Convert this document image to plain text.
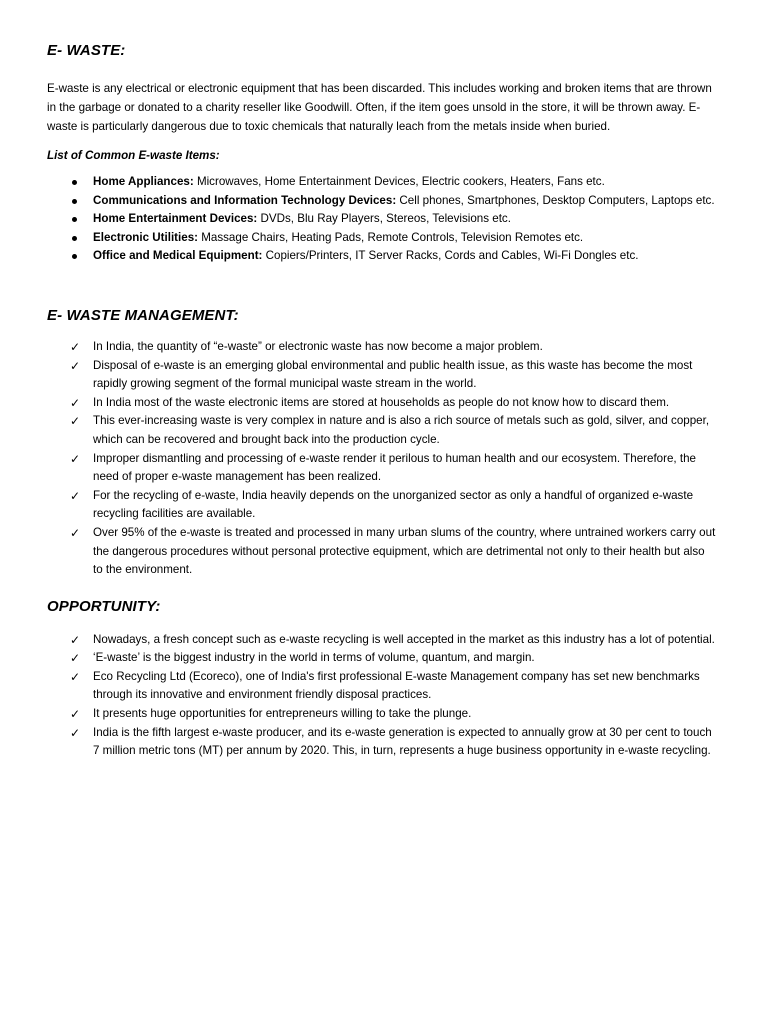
E- WASTE:

E-waste is any electrical or electronic equipment that has been discarded. This includes working and broken items that are thrown in the garbage or donated to a charity reseller like Goodwill. Often, if the item goes unsold in the store, it will be thrown away. E-waste is particularly dangerous due to toxic chemicals that naturally leach from the metals inside when buried.

List of Common E-waste Items:

Home Appliances: Microwaves, Home Entertainment Devices, Electric cookers, Heaters, Fans etc.
Communications and Information Technology Devices: Cell phones, Smartphones, Desktop Computers, Laptops etc.
Home Entertainment Devices: DVDs, Blu Ray Players, Stereos, Televisions etc.
Electronic Utilities: Massage Chairs, Heating Pads, Remote Controls, Television Remotes etc.
Office and Medical Equipment: Copiers/Printers, IT Server Racks, Cords and Cables, Wi-Fi Dongles etc.
E- WASTE MANAGEMENT:
✓ In India, the quantity of “e-waste” or electronic waste has now become a major problem.
✓ Disposal of e-waste is an emerging global environmental and public health issue, as this waste has become the most rapidly growing segment of the formal municipal waste stream in the world.
✓ In India most of the waste electronic items are stored at households as people do not know how to discard them.
✓ This ever-increasing waste is very complex in nature and is also a rich source of metals such as gold, silver, and copper, which can be recovered and brought back into the production cycle.
✓ Improper dismantling and processing of e-waste render it perilous to human health and our ecosystem. Therefore, the need of proper e-waste management has been realized.
✓ For the recycling of e-waste, India heavily depends on the unorganized sector as only a handful of organized e-waste recycling facilities are available.
✓ Over 95% of the e-waste is treated and processed in many urban slums of the country, where untrained workers carry out the dangerous procedures without personal protective equipment, which are detrimental not only to their health but also to the environment.
OPPORTUNITY:
✓ Nowadays, a fresh concept such as e-waste recycling is well accepted in the market as this industry has a lot of potential.
✓ ‘E-waste’ is the biggest industry in the world in terms of volume, quantum, and margin.
✓ Eco Recycling Ltd (Ecoreco), one of India's first professional E-waste Management company has set new benchmarks through its innovative and environment friendly disposal practices.
✓ It presents huge opportunities for entrepreneurs willing to take the plunge.
✓ India is the fifth largest e-waste producer, and its e-waste generation is expected to annually grow at 30 per cent to touch 7 million metric tons (MT) per annum by 2020. This, in turn, represents a huge business opportunity in e-waste recycling.
